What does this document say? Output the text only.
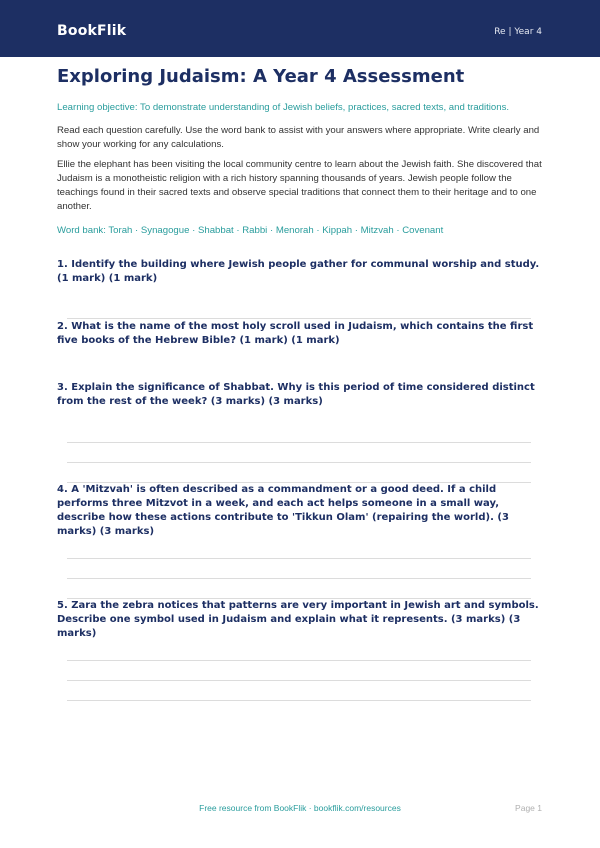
BookFlik	Re | Year 4
Exploring Judaism: A Year 4 Assessment
Learning objective: To demonstrate understanding of Jewish beliefs, practices, sacred texts, and traditions.
Read each question carefully. Use the word bank to assist with your answers where appropriate. Write clearly and show your working for any calculations.
Ellie the elephant has been visiting the local community centre to learn about the Jewish faith. She discovered that Judaism is a monotheistic religion with a rich history spanning thousands of years. Jewish people follow the teachings found in their sacred texts and observe special traditions that connect them to their heritage and to one another.
Word bank: Torah · Synagogue · Shabbat · Rabbi · Menorah · Kippah · Mitzvah · Covenant
1. Identify the building where Jewish people gather for communal worship and study. (1 mark) (1 mark)
2. What is the name of the most holy scroll used in Judaism, which contains the first five books of the Hebrew Bible? (1 mark) (1 mark)
3. Explain the significance of Shabbat. Why is this period of time considered distinct from the rest of the week? (3 marks) (3 marks)
4. A 'Mitzvah' is often described as a commandment or a good deed. If a child performs three Mitzvot in a week, and each act helps someone in a small way, describe how these actions contribute to 'Tikkun Olam' (repairing the world). (3 marks) (3 marks)
5. Zara the zebra notices that patterns are very important in Jewish art and symbols. Describe one symbol used in Judaism and explain what it represents. (3 marks) (3 marks)
Free resource from BookFlik · bookflik.com/resources	Page 1
